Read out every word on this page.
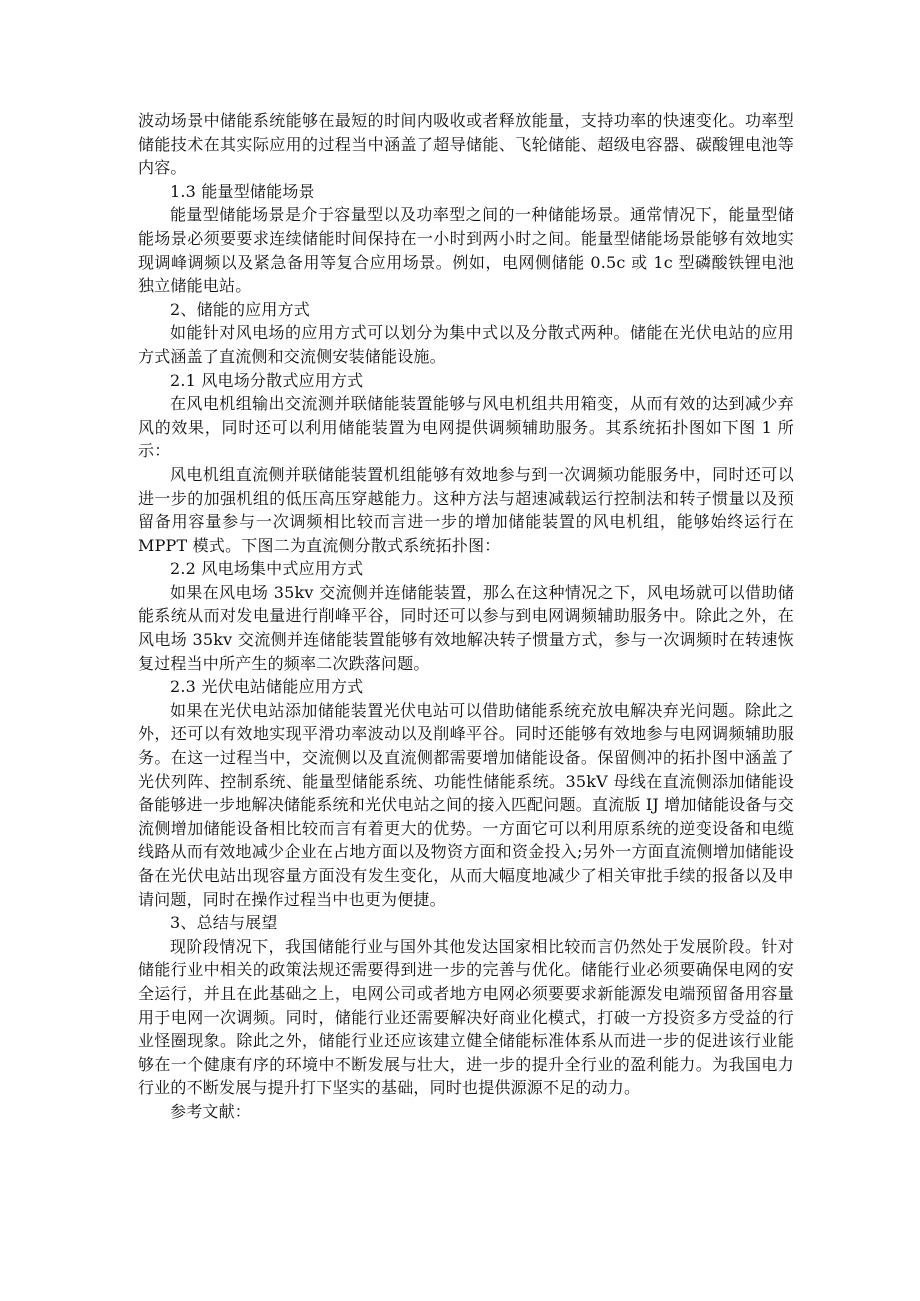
波动场景中储能系统能够在最短的时间内吸收或者释放能量，支持功率的快速变化。功率型储能技术在其实际应用的过程当中涵盖了超导储能、飞轮储能、超级电容器、碳酸锂电池等内容。

1.3 能量型储能场景

能量型储能场景是介于容量型以及功率型之间的一种储能场景。通常情况下，能量型储能场景必须要要求连续储能时间保持在一小时到两小时之间。能量型储能场景能够有效地实现调峰调频以及紧急备用等复合应用场景。例如，电网侧储能 0.5c 或 1c 型磷酸铁锂电池独立储能电站。

2、储能的应用方式

如能针对风电场的应用方式可以划分为集中式以及分散式两种。储能在光伏电站的应用方式涵盖了直流侧和交流侧安装储能设施。

2.1 风电场分散式应用方式

在风电机组输出交流测并联储能装置能够与风电机组共用箱变，从而有效的达到减少弃风的效果，同时还可以利用储能装置为电网提供调频辅助服务。其系统拓扑图如下图 1 所示：

风电机组直流侧并联储能装置机组能够有效地参与到一次调频功能服务中，同时还可以进一步的加强机组的低压高压穿越能力。这种方法与超速减载运行控制法和转子惯量以及预留备用容量参与一次调频相比较而言进一步的增加储能装置的风电机组，能够始终运行在 MPPT 模式。下图二为直流侧分散式系统拓扑图：

2.2 风电场集中式应用方式

如果在风电场 35kv 交流侧并连储能装置，那么在这种情况之下，风电场就可以借助储能系统从而对发电量进行削峰平谷，同时还可以参与到电网调频辅助服务中。除此之外，在风电场 35kv 交流侧并连储能装置能够有效地解决转子惯量方式，参与一次调频时在转速恢复过程当中所产生的频率二次跌落问题。

2.3 光伏电站储能应用方式

如果在光伏电站添加储能装置光伏电站可以借助储能系统充放电解决弃光问题。除此之外，还可以有效地实现平滑功率波动以及削峰平谷。同时还能够有效地参与电网调频辅助服务。在这一过程当中，交流侧以及直流侧都需要增加储能设备。保留侧冲的拓扑图中涵盖了光伏列阵、控制系统、能量型储能系统、功能性储能系统。35kV 母线在直流侧添加储能设备能够进一步地解决储能系统和光伏电站之间的接入匹配问题。直流版 IJ 增加储能设备与交流侧增加储能设备相比较而言有着更大的优势。一方面它可以利用原系统的逆变设备和电缆线路从而有效地减少企业在占地方面以及物资方面和资金投入;另外一方面直流侧增加储能设备在光伏电站出现容量方面没有发生变化，从而大幅度地减少了相关审批手续的报备以及申请问题，同时在操作过程当中也更为便捷。

3、总结与展望

现阶段情况下，我国储能行业与国外其他发达国家相比较而言仍然处于发展阶段。针对储能行业中相关的政策法规还需要得到进一步的完善与优化。储能行业必须要确保电网的安全运行，并且在此基础之上，电网公司或者地方电网必须要要求新能源发电端预留备用容量用于电网一次调频。同时，储能行业还需要解决好商业化模式，打破一方投资多方受益的行业怪圈现象。除此之外，储能行业还应该建立健全储能标准体系从而进一步的促进该行业能够在一个健康有序的环境中不断发展与壮大，进一步的提升全行业的盈利能力。为我国电力行业的不断发展与提升打下坚实的基础，同时也提供源源不足的动力。

参考文献：
